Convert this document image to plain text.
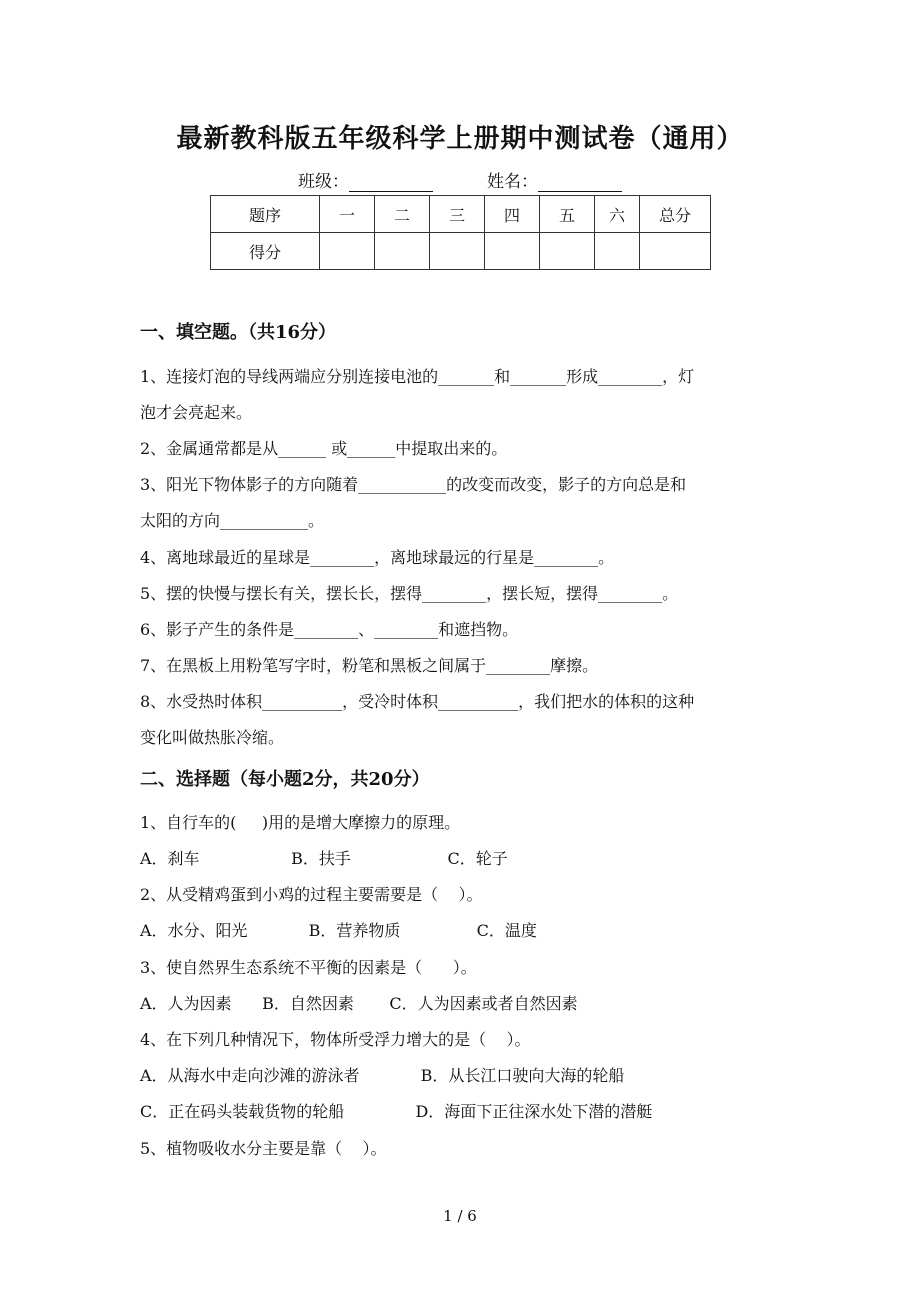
最新教科版五年级科学上册期中测试卷（通用）
班级：	姓名：
题序	一	二	三	四	五	六	总分
得分							
一、填空题。（共16分）
1、连接灯泡的导线两端应分别连接电池的_______和_______形成________，灯
泡才会亮起来。
2、金属通常都是从______ 或______中提取出来的。
3、阳光下物体影子的方向随着___________的改变而改变，影子的方向总是和
太阳的方向___________。
4、离地球最近的星球是________，离地球最远的行星是________。
5、摆的快慢与摆长有关，摆长长，摆得________，摆长短，摆得________。
6、影子产生的条件是________、________和遮挡物。
7、在黑板上用粉笔写字时，粉笔和黑板之间属于________摩擦。
8、水受热时体积__________，受冷时体积__________，我们把水的体积的这种
变化叫做热胀冷缩。
二、选择题（每小题2分，共20分）
1、自行车的(     )用的是增大摩擦力的原理。
A．刹车                  B．扶手                   C．轮子
2、从受精鸡蛋到小鸡的过程主要需要是（    ）。
A．水分、阳光            B．营养物质               C．温度
3、使自然界生态系统不平衡的因素是（      ）。
A．人为因素      B．自然因素       C．人为因素或者自然因素
4、在下列几种情况下，物体所受浮力增大的是（    ）。
A．从海水中走向沙滩的游泳者            B．从长江口驶向大海的轮船
C．正在码头装载货物的轮船              D．海面下正往深水处下潜的潜艇
5、植物吸收水分主要是靠（    ）。
1 / 6
